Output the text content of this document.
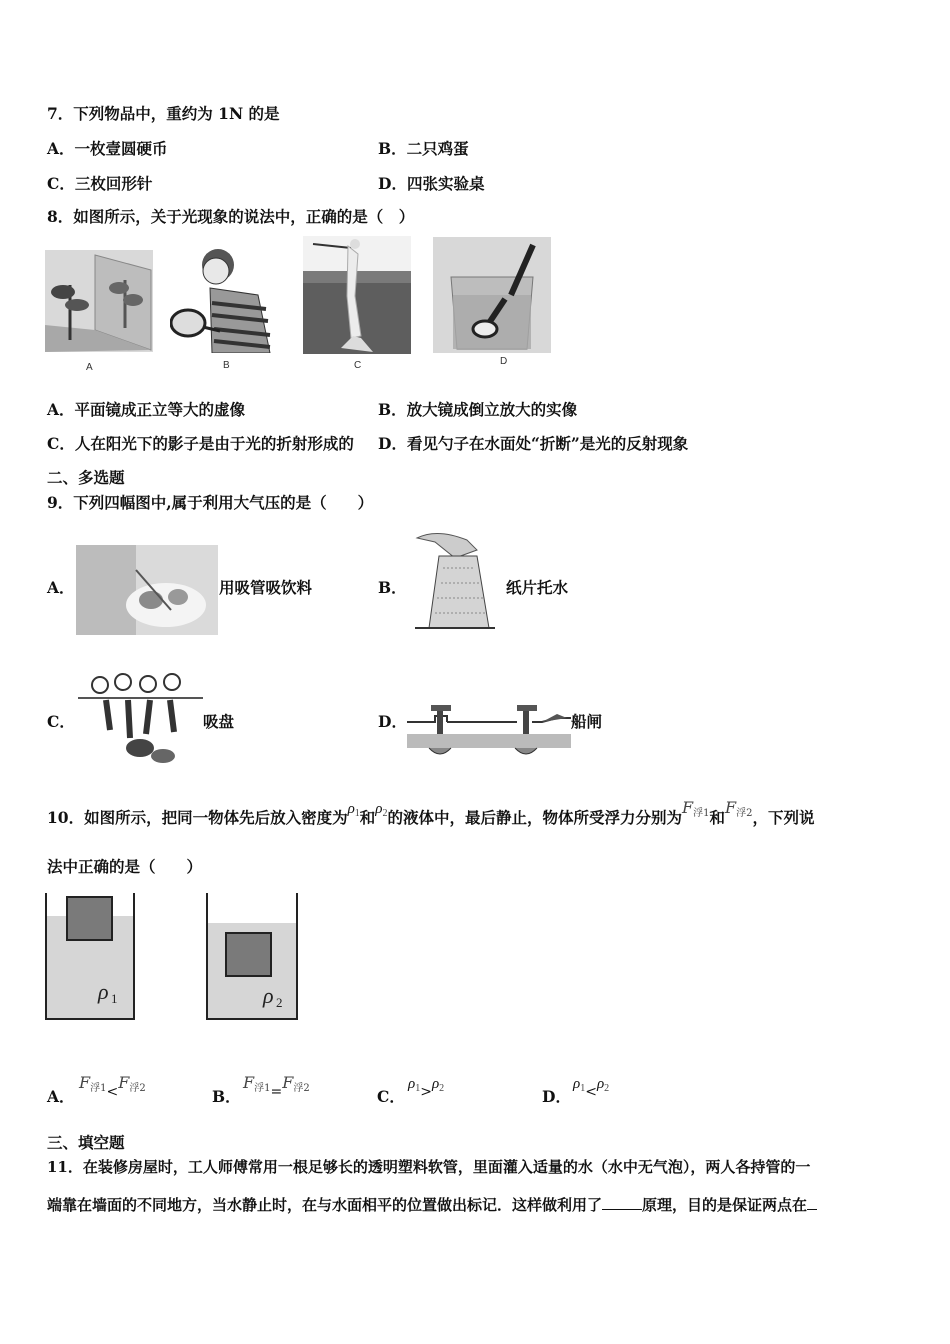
7．下列物品中，重约为 1N 的是
A．一枚壹圆硬币	B．二只鸡蛋
C．三枚回形针	D．四张实验桌
8．如图所示，关于光现象的说法中，正确的是（　）
A	B	C	D
A．平面镜成正立等大的虚像	B．放大镜成倒立放大的实像
C．人在阳光下的影子是由于光的折射形成的 D．看见勺子在水面处“折断”是光的反射现象
二、多选题
9．下列四幅图中,属于利用大气压的是（　　）
A．	用吸管吸饮料	B．	纸片托水
C．	吸盘	D．	船闸
10．如图所示，把同一物体先后放入密度为$\rho_1$和$\rho_2$的液体中，最后静止，物体所受浮力分别为$F_{浮1}$和$F_{浮2}$，下列说
法中正确的是（　　）
ρ 1	ρ 2
A．
$F_{浮1}<F_{浮2}$	B．
$F_{浮1}=F_{浮2}$	C．
$\rho_1>\rho_2$	D．
$\rho_1<\rho_2$
三、填空题
11．在装修房屋时，工人师傅常用一根足够长的透明塑料软管，里面灌入适量的水（水中无气泡），两人各持管的一
端靠在墙面的不同地方，当水静止时，在与水面相平的位置做出标记．这样做利用了	原理，目的是保证两点在
